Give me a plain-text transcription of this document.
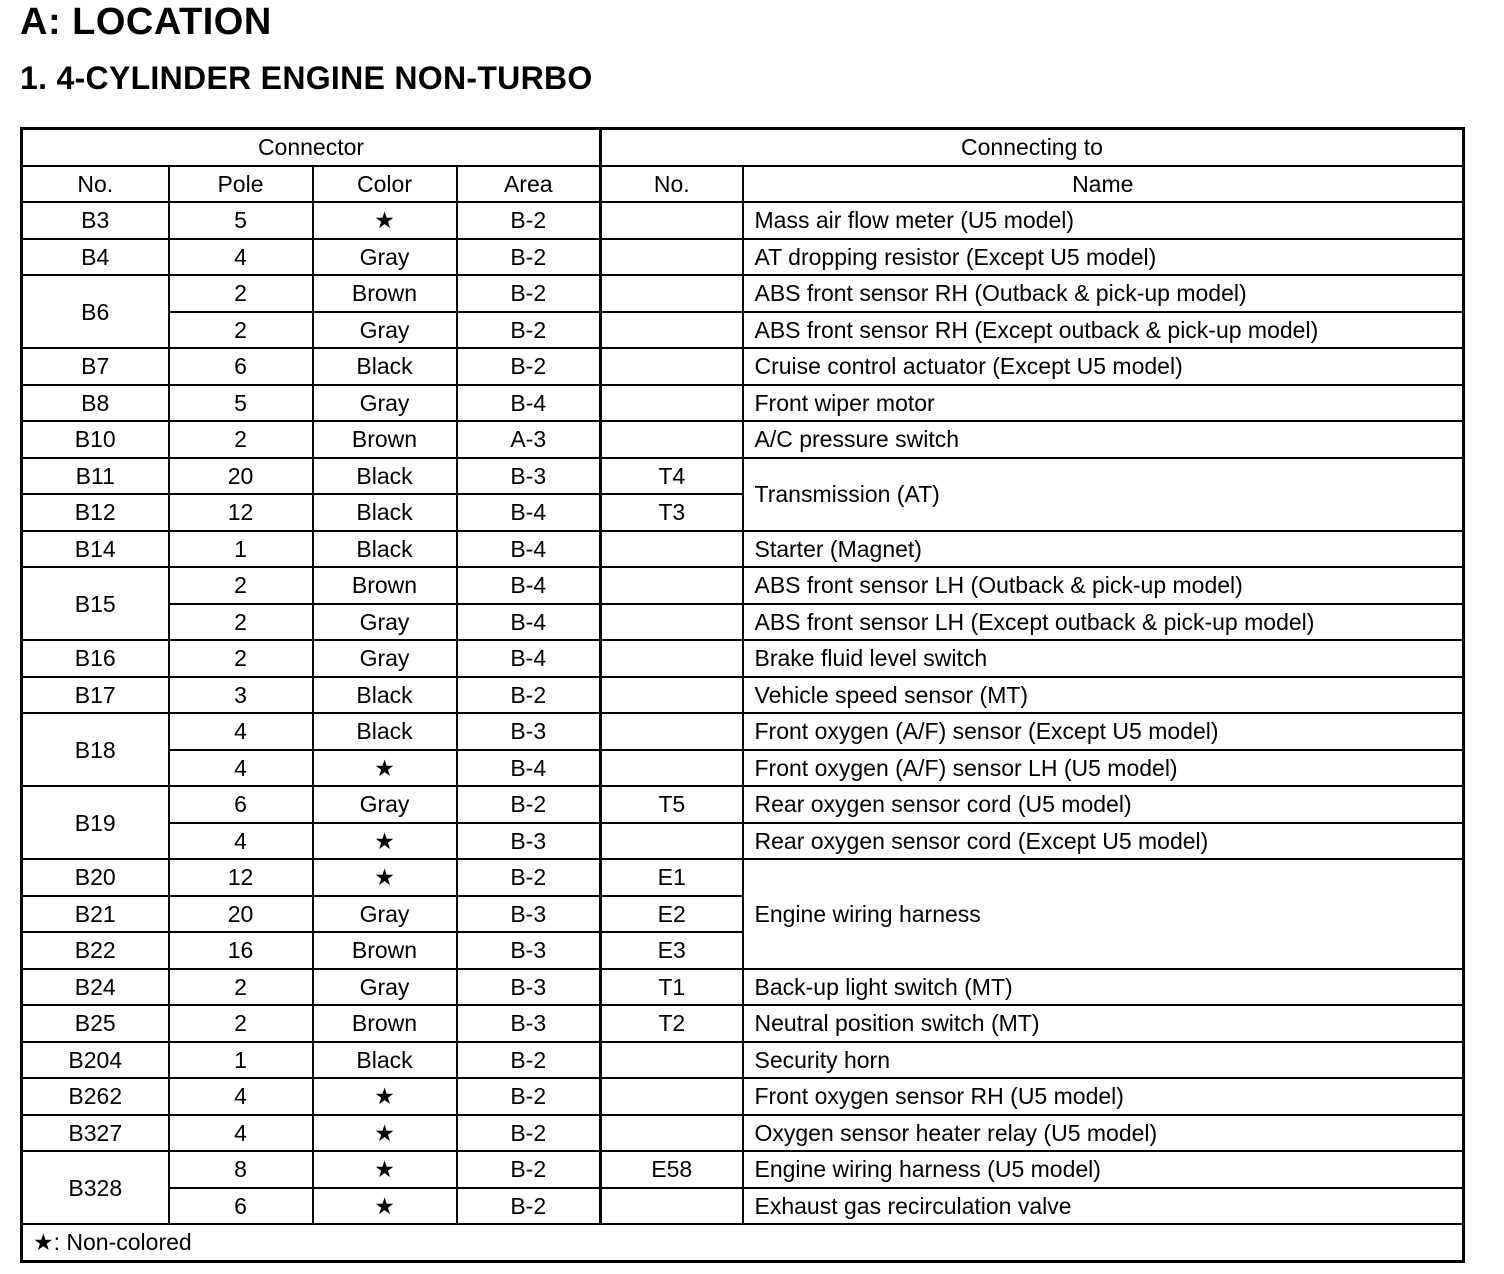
A: LOCATION
1. 4-CYLINDER ENGINE NON-TURBO
Connector				Connecting to	
No.	Pole	Color	Area	No.	Name
B3	5	★	B-2		Mass air flow meter (U5 model)
B4	4	Gray	B-2		AT dropping resistor (Except U5 model)
B6	2	Brown	B-2		ABS front sensor RH (Outback & pick-up model)
	2	Gray	B-2		ABS front sensor RH (Except outback & pick-up model)
B7	6	Black	B-2		Cruise control actuator (Except U5 model)
B8	5	Gray	B-4		Front wiper motor
B10	2	Brown	A-3		A/C pressure switch
B11	20	Black	B-3	T4	Transmission (AT)
B12	12	Black	B-4	T3	
B14	1	Black	B-4		Starter (Magnet)
B15	2	Brown	B-4		ABS front sensor LH (Outback & pick-up model)
	2	Gray	B-4		ABS front sensor LH (Except outback & pick-up model)
B16	2	Gray	B-4		Brake fluid level switch
B17	3	Black	B-2		Vehicle speed sensor (MT)
B18	4	Black	B-3		Front oxygen (A/F) sensor (Except U5 model)
	4	★	B-4		Front oxygen (A/F) sensor LH (U5 model)
B19	6	Gray	B-2	T5	Rear oxygen sensor cord (U5 model)
	4	★	B-3		Rear oxygen sensor cord (Except U5 model)
B20	12	★	B-2	E1	Engine wiring harness
B21	20	Gray	B-3	E2	
B22	16	Brown	B-3	E3	
B24	2	Gray	B-3	T1	Back-up light switch (MT)
B25	2	Brown	B-3	T2	Neutral position switch (MT)
B204	1	Black	B-2		Security horn
B262	4	★	B-2		Front oxygen sensor RH (U5 model)
B327	4	★	B-2		Oxygen sensor heater relay (U5 model)
B328	8	★	B-2	E58	Engine wiring harness (U5 model)
	6	★	B-2		Exhaust gas recirculation valve
★: Non-colored					
